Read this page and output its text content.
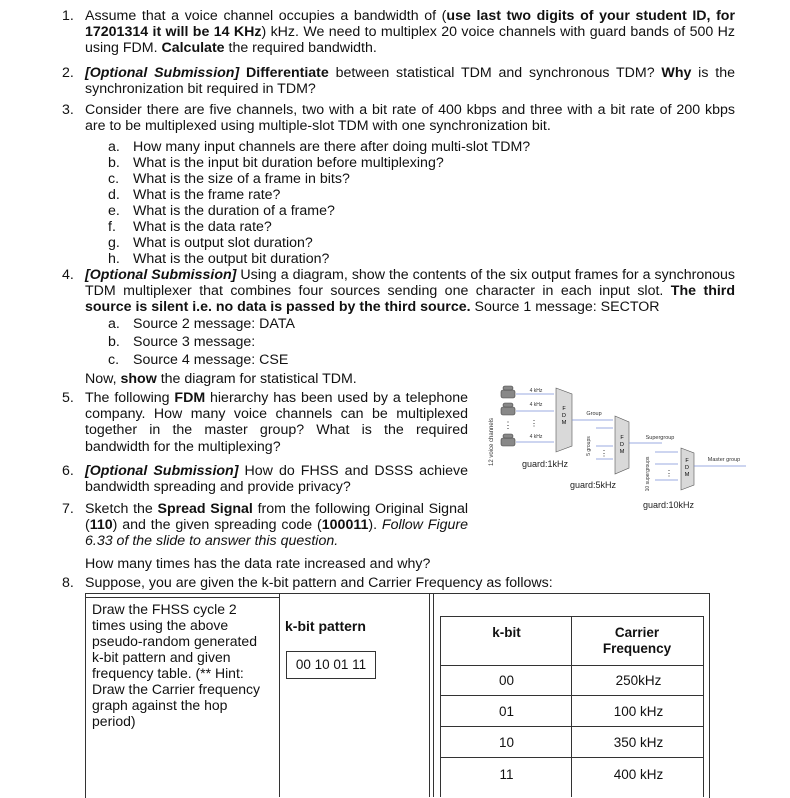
1. Assume that a voice channel occupies a bandwidth of (use last two digits of your student ID, for 17201314 it will be 14 KHz) kHz. We need to multiplex 20 voice channels with guard bands of 500 Hz using FDM. Calculate the required bandwidth.
2. [Optional Submission] Differentiate between statistical TDM and synchronous TDM? Why is the synchronization bit required in TDM?
3. Consider there are five channels, two with a bit rate of 400 kbps and three with a bit rate of 200 kbps are to be multiplexed using multiple-slot TDM with one synchronization bit.
a. How many input channels are there after doing multi-slot TDM?
b. What is the input bit duration before multiplexing?
c. What is the size of a frame in bits?
d. What is the frame rate?
e. What is the duration of a frame?
f. What is the data rate?
g. What is output slot duration?
h. What is the output bit duration?
4. [Optional Submission] Using a diagram, show the contents of the six output frames for a synchronous TDM multiplexer that combines four sources sending one character in each input slot. The third source is silent i.e. no data is passed by the third source. Source 1 message: SECTOR
a. Source 2 message: DATA
b. Source 3 message:
c. Source 4 message: CSE
Now, show the diagram for statistical TDM.
5. The following FDM hierarchy has been used by a telephone company. How many voice channels can be multiplexed together in the master group? What is the required bandwidth for the multiplexing?
6. [Optional Submission] How do FHSS and DSSS achieve bandwidth spreading and provide privacy?
7. Sketch the Spread Signal from the following Original Signal (110) and the given spreading code (100011). Follow Figure 6.33 of the slide to answer this question.
How many times has the data rate increased and why?
8. Suppose, you are given the k-bit pattern and Carrier Frequency as follows:
Draw the FHSS cycle 2 times using the above pseudo-random generated k-bit pattern and given frequency table. (** Hint: Draw the Carrier frequency graph against the hop period)
k-bit pattern
00 10 01 11
k-bit	Carrier Frequency
00	250kHz
01	100 kHz
10	350 kHz
11	400 kHz
12 voice channels ⋮
4 kHz
4 kHz
4 kHz
⋮
F
D
M
Group
guard:1kHz
5 groups ⋮
F
D
M
Supergroup
guard:5kHz	10 supergroups ⋮
F
D
M
Master group
guard:10kHz
